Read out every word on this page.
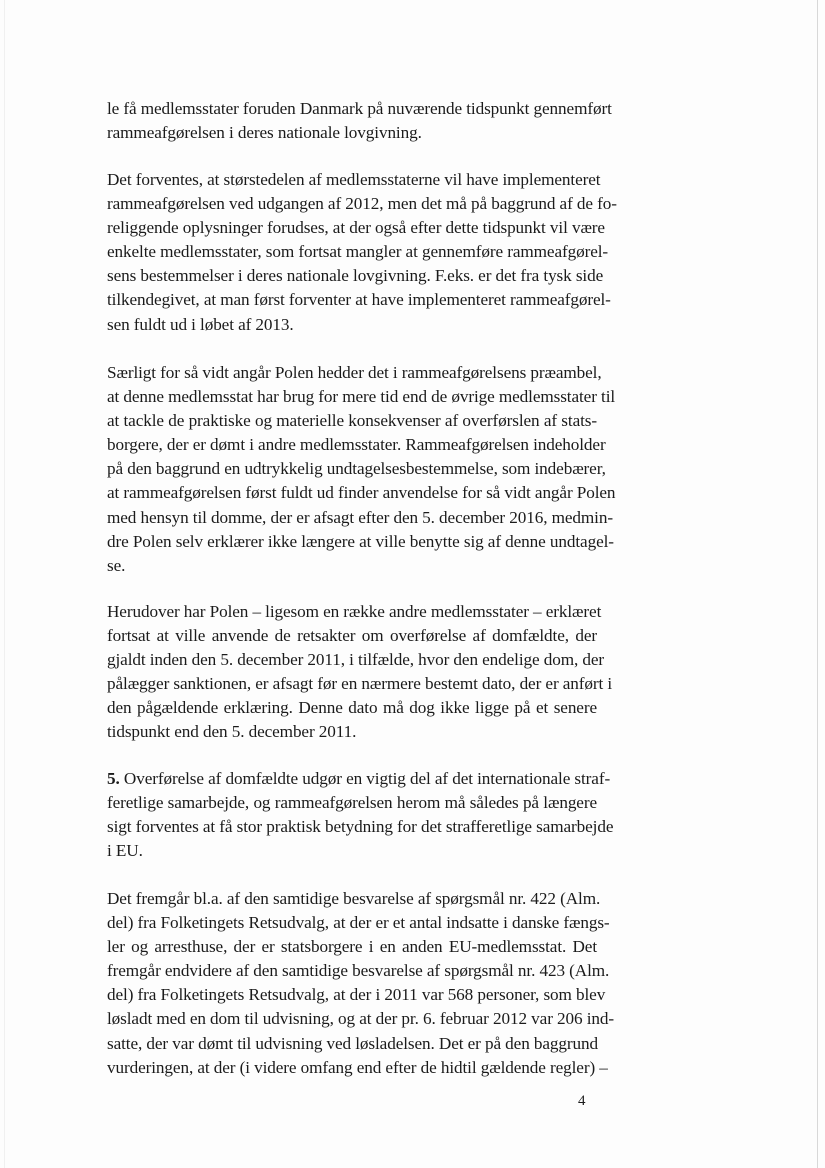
le få medlemsstater foruden Danmark på nuværende tidspunkt gennemført
rammeafgørelsen i deres nationale lovgivning.
Det forventes, at størstedelen af medlemsstaterne vil have implementeret
rammeafgørelsen ved udgangen af 2012, men det må på baggrund af de fo-
religgende oplysninger forudses, at der også efter dette tidspunkt vil være
enkelte medlemsstater, som fortsat mangler at gennemføre rammeafgørel-
sens bestemmelser i deres nationale lovgivning. F.eks. er det fra tysk side
tilkendegivet, at man først forventer at have implementeret rammeafgørel-
sen fuldt ud i løbet af 2013.
Særligt for så vidt angår Polen hedder det i rammeafgørelsens præambel,
at denne medlemsstat har brug for mere tid end de øvrige medlemsstater til
at tackle de praktiske og materielle konsekvenser af overførslen af stats-
borgere, der er dømt i andre medlemsstater. Rammeafgørelsen indeholder
på den baggrund en udtrykkelig undtagelsesbestemmelse, som indebærer,
at rammeafgørelsen først fuldt ud finder anvendelse for så vidt angår Polen
med hensyn til domme, der er afsagt efter den 5. december 2016, medmin-
dre Polen selv erklærer ikke længere at ville benytte sig af denne undtagel-
se.
Herudover har Polen – ligesom en række andre medlemsstater – erklæret
fortsat at ville anvende de retsakter om overførelse af domfældte, der
gjaldt inden den 5. december 2011, i tilfælde, hvor den endelige dom, der
pålægger sanktionen, er afsagt før en nærmere bestemt dato, der er anført i
den pågældende erklæring. Denne dato må dog ikke ligge på et senere
tidspunkt end den 5. december 2011.
5. Overførelse af domfældte udgør en vigtig del af det internationale straf-
feretlige samarbejde, og rammeafgørelsen herom må således på længere
sigt forventes at få stor praktisk betydning for det strafferetlige samarbejde
i EU.
Det fremgår bl.a. af den samtidige besvarelse af spørgsmål nr. 422 (Alm.
del) fra Folketingets Retsudvalg, at der er et antal indsatte i danske fængs-
ler og arresthuse, der er statsborgere i en anden EU-medlemsstat. Det
fremgår endvidere af den samtidige besvarelse af spørgsmål nr. 423 (Alm.
del) fra Folketingets Retsudvalg, at der i 2011 var 568 personer, som blev
løsladt med en dom til udvisning, og at der pr. 6. februar 2012 var 206 ind-
satte, der var dømt til udvisning ved løsladelsen. Det er på den baggrund
vurderingen, at der (i videre omfang end efter de hidtil gældende regler) –
4
